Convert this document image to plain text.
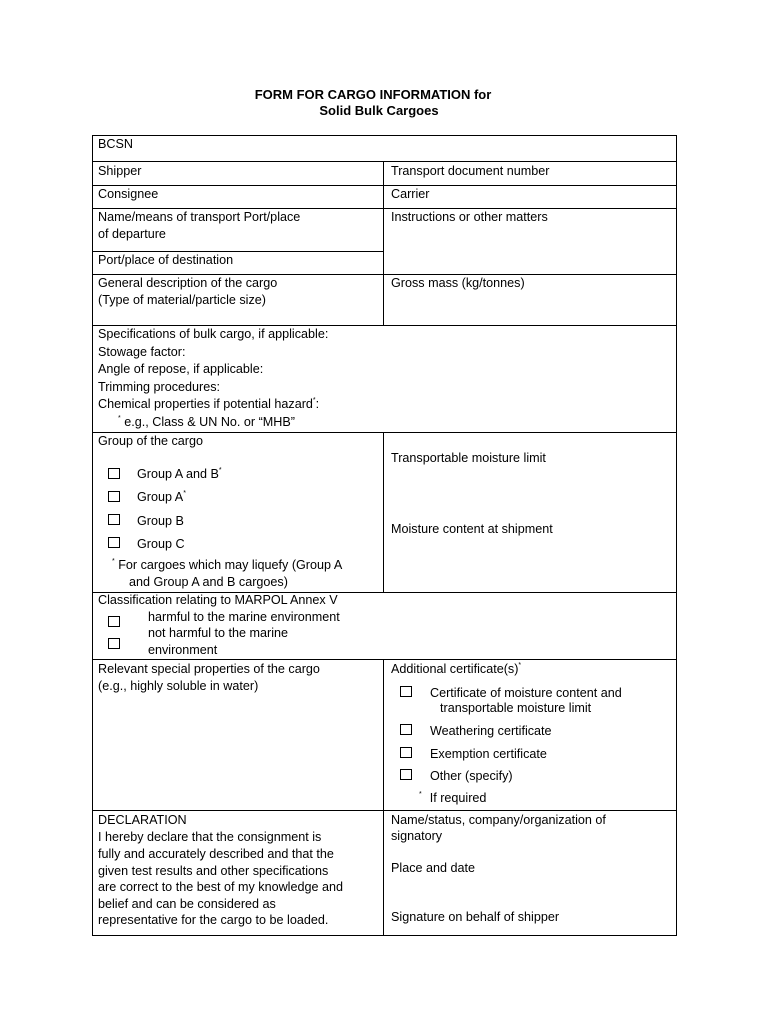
FORM FOR CARGO INFORMATION for
Solid Bulk Cargoes
BCSN
Shipper	Transport document number
Consignee	Carrier
Name/means of transport Port/place
of departure
Instructions or other matters
Port/place of destination
General description of the cargo
(Type of material/particle size)
Gross mass (kg/tonnes)
Specifications of bulk cargo, if applicable:
Stowage factor:
Angle of repose, if applicable:
Trimming procedures:
Chemical properties if potential hazard*:
* e.g., Class & UN No. or “MHB”
Group of the cargo
Group A and B*
Group A*
Group B
Group C
* For cargoes which may liquefy (Group A
and Group A and B cargoes)
Transportable moisture limit
Moisture content at shipment
Classification relating to MARPOL Annex V
harmful to the marine environment
not harmful to the marine
environment
Relevant special properties of the cargo
(e.g., highly soluble in water)
Additional certificate(s)*
Certificate of moisture content and
transportable moisture limit
Weathering certificate
Exemption certificate
Other (specify)
* If required
DECLARATION
I hereby declare that the consignment is
fully and accurately described and that the
given test results and other specifications
are correct to the best of my knowledge and
belief and can be considered as
representative for the cargo to be loaded.
Name/status, company/organization of
signatory
Place and date
Signature on behalf of shipper
